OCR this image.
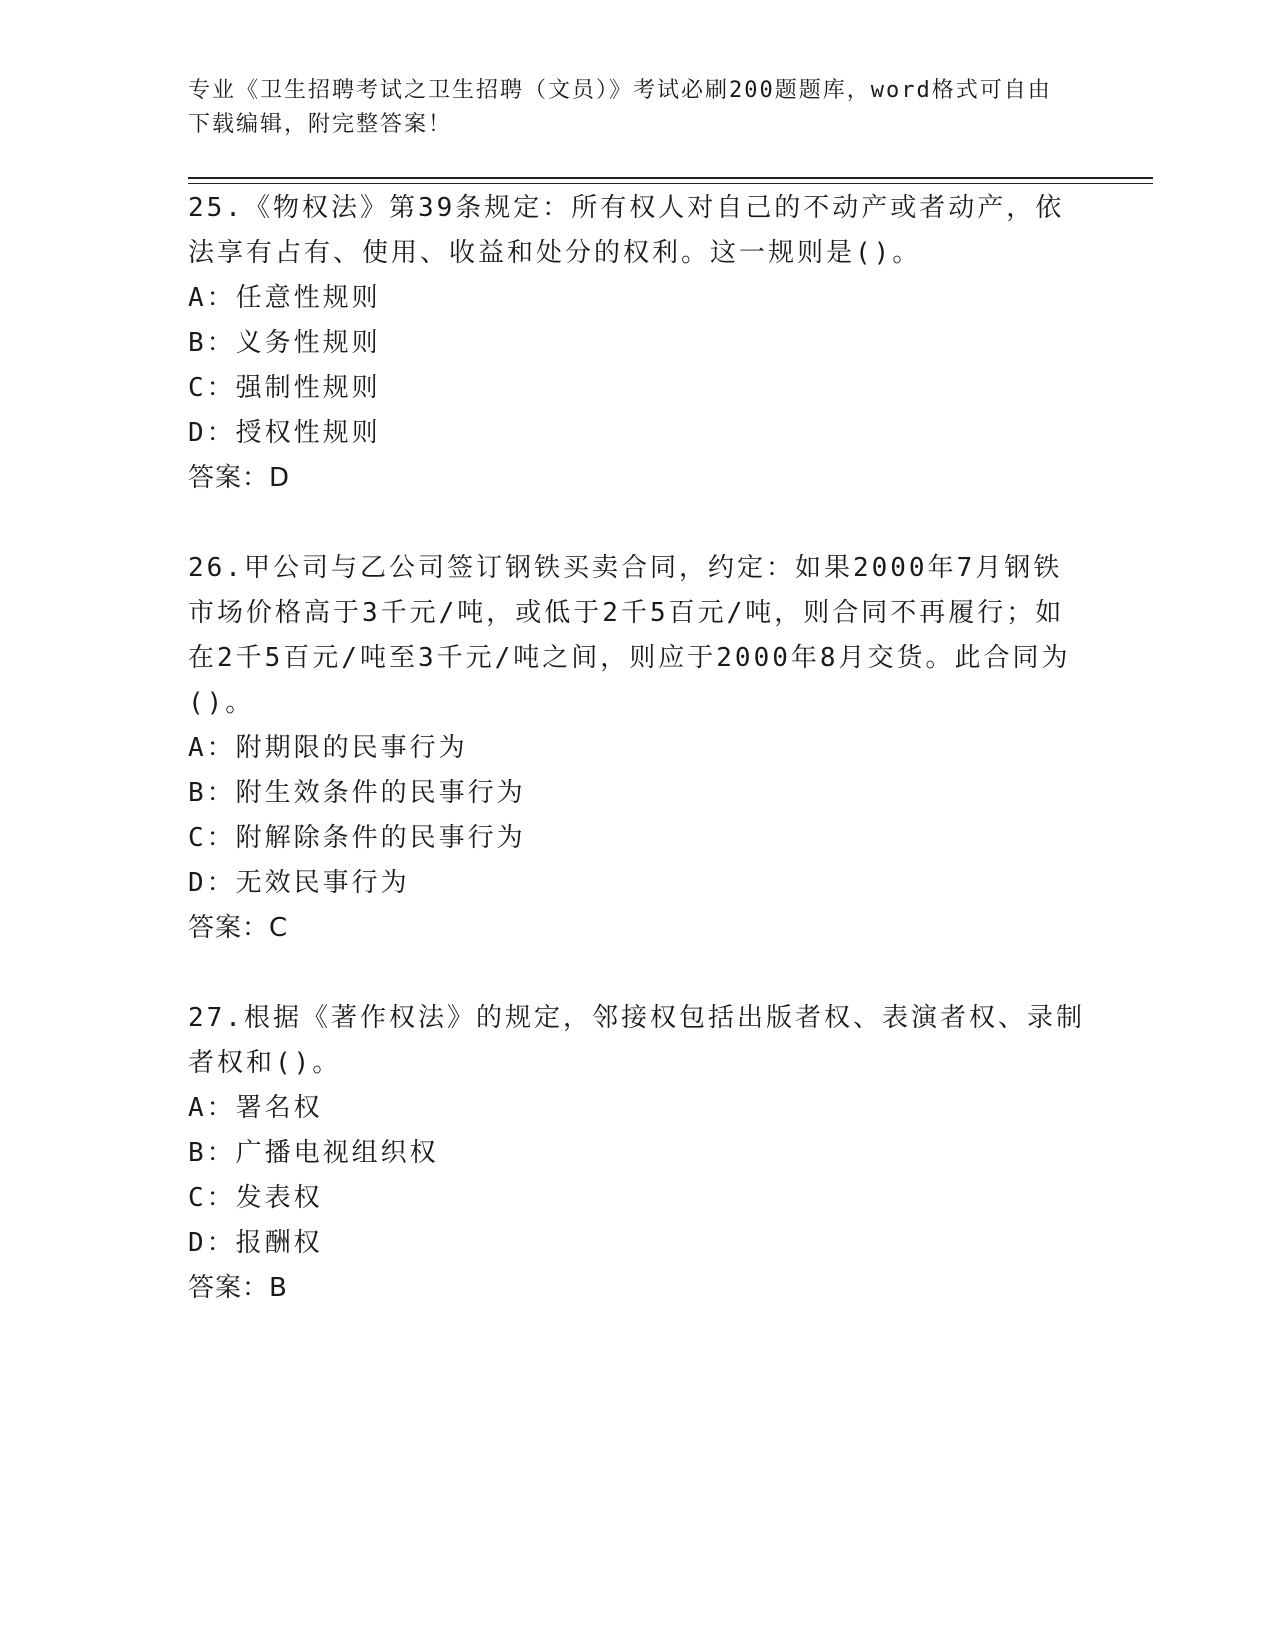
专业《卫生招聘考试之卫生招聘（文员）》考试必刷200题题库，word格式可自由下载编辑，附完整答案！

25.《物权法》第39条规定：所有权人对自己的不动产或者动产，依法享有占有、使用、收益和处分的权利。这一规则是()。

A：任意性规则

B：义务性规则

C：强制性规则

D：授权性规则

答案：D

26.甲公司与乙公司签订钢铁买卖合同，约定：如果2000年7月钢铁市场价格高于3千元/吨，或低于2千5百元/吨，则合同不再履行；如在2千5百元/吨至3千元/吨之间，则应于2000年8月交货。此合同为()。

A：附期限的民事行为

B：附生效条件的民事行为

C：附解除条件的民事行为

D：无效民事行为

答案：C

27.根据《著作权法》的规定，邻接权包括出版者权、表演者权、录制者权和()。

A：署名权

B：广播电视组织权

C：发表权

D：报酬权

答案：B
